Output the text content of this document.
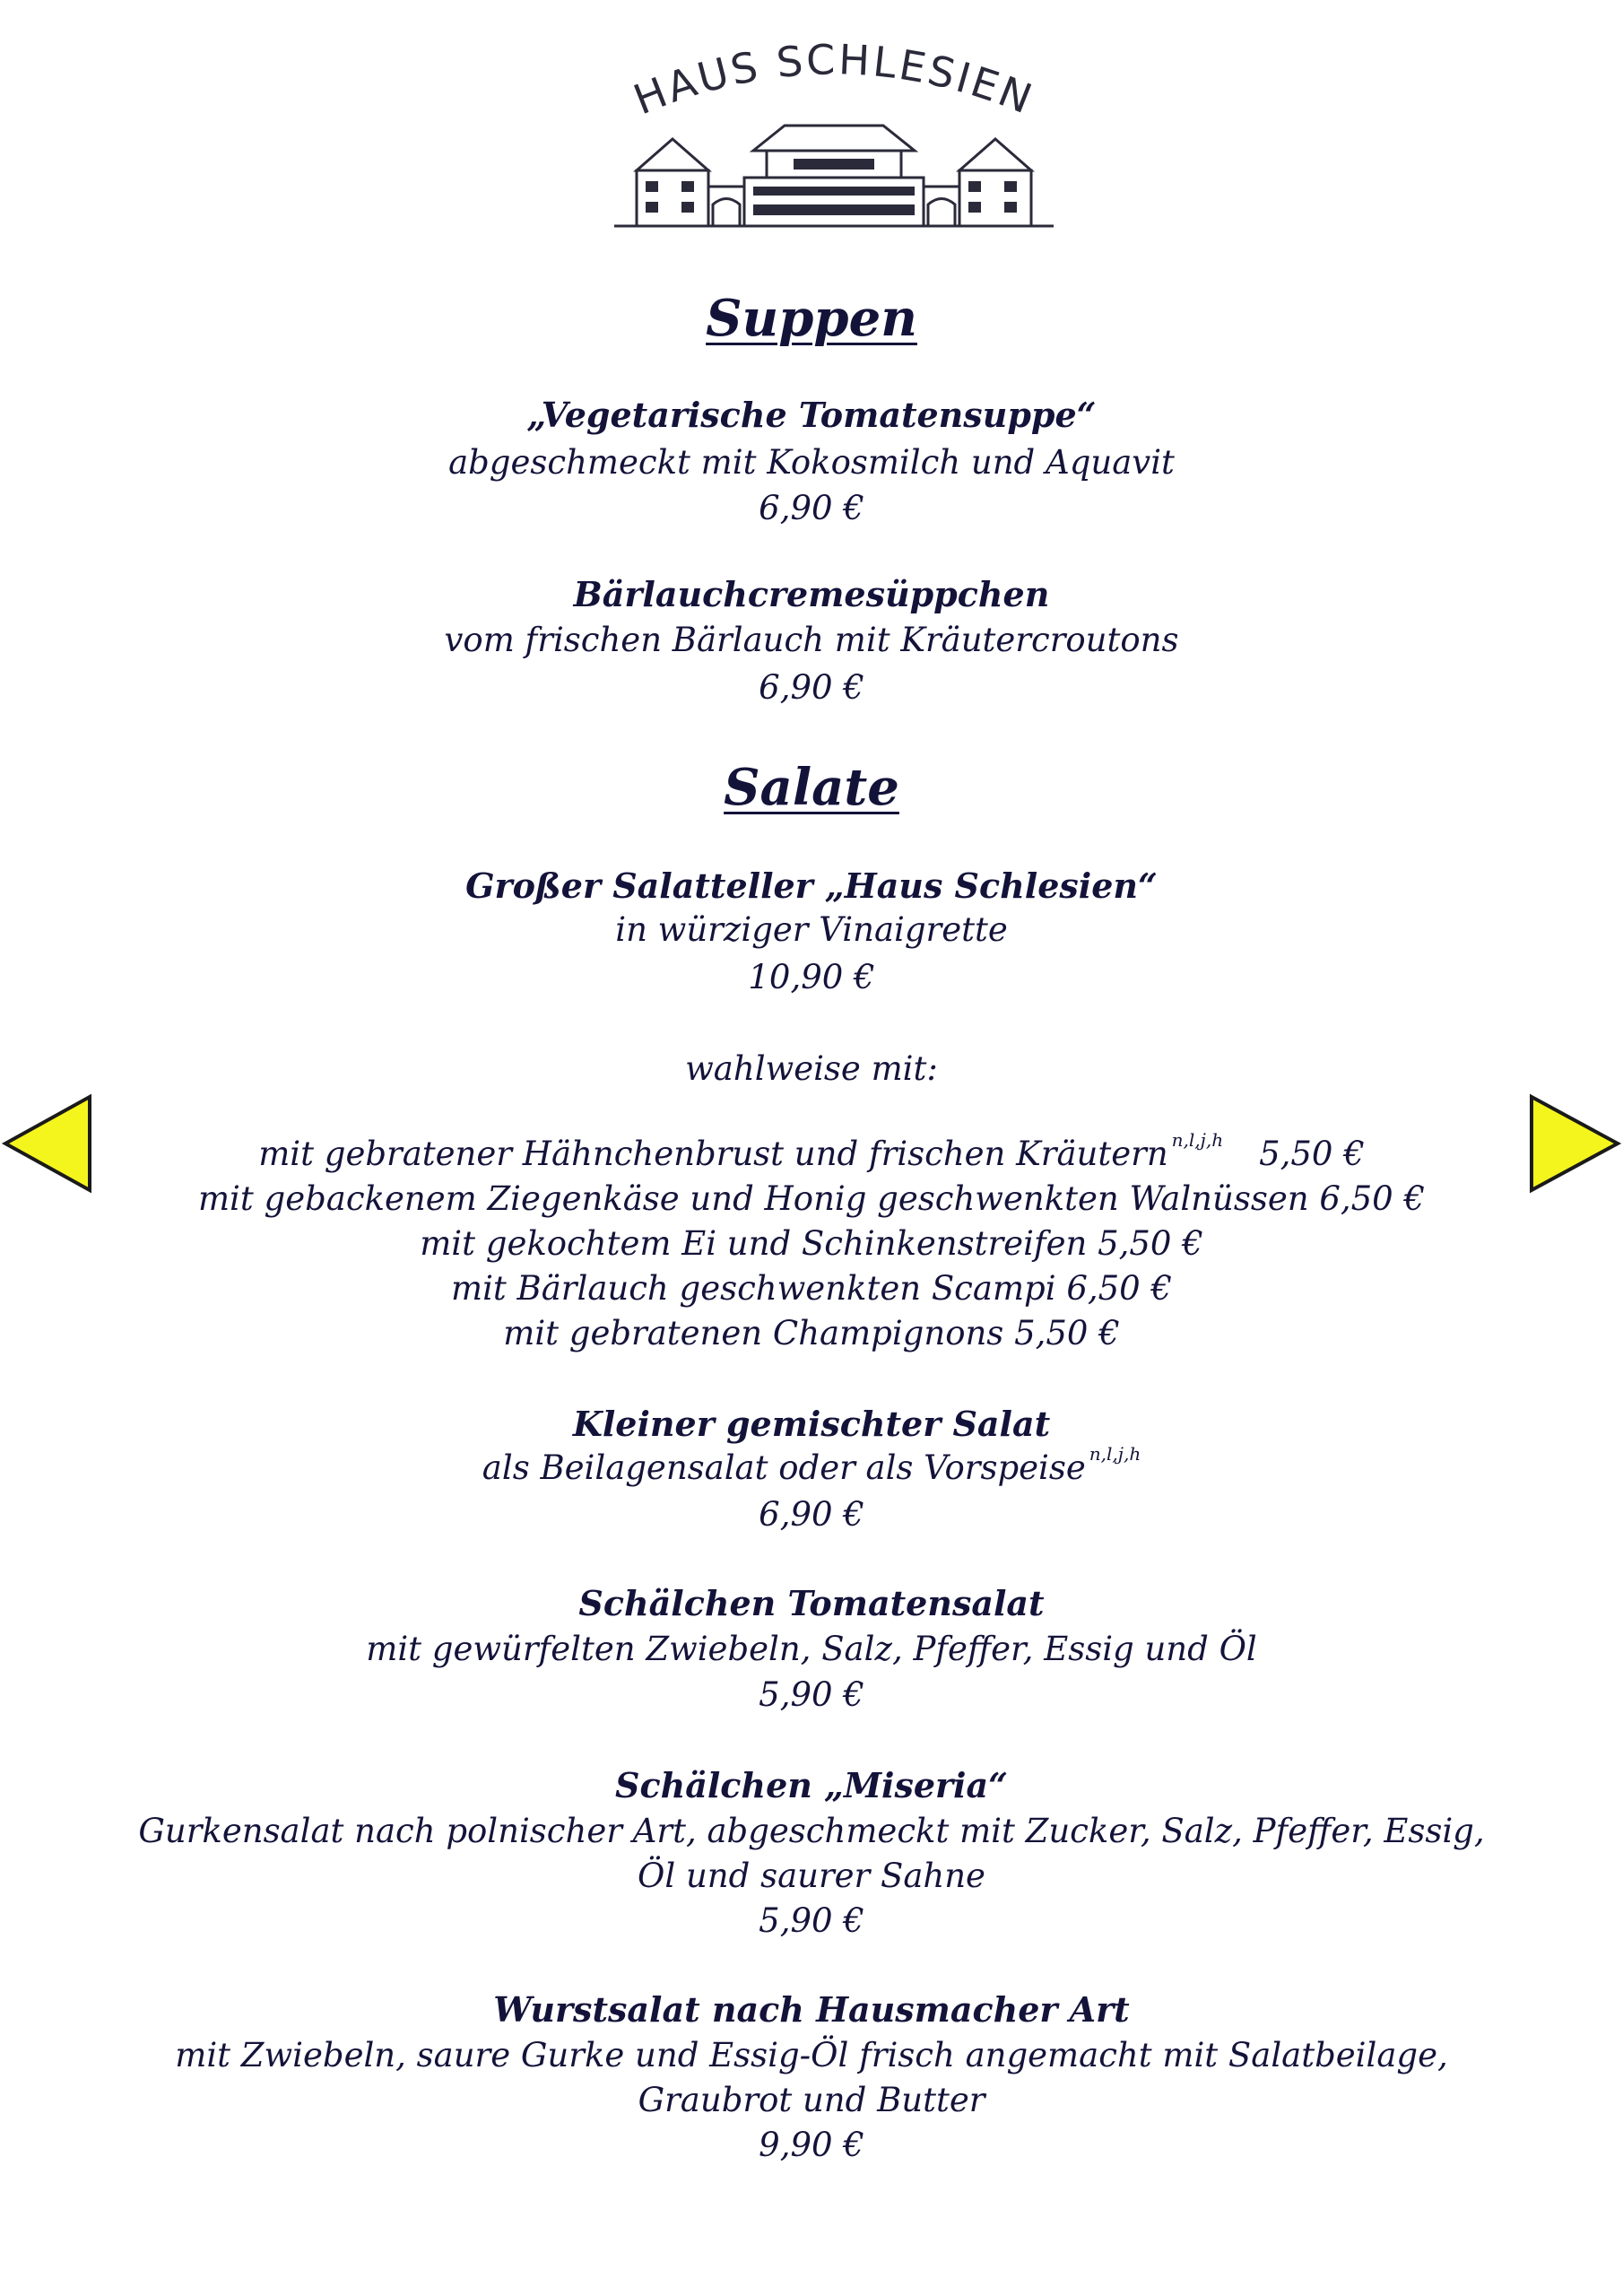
HAUS SCHLESIEN
Suppen
„Vegetarische Tomatensuppe“
abgeschmeckt mit Kokosmilch und Aquavit
6,90 €
Bärlauchcremesüppchen
vom frischen Bärlauch mit Kräutercroutons
6,90 €
Salate
Großer Salatteller „Haus Schlesien“
in würziger Vinaigrette
10,90 €
wahlweise mit:
mit gebratener Hähnchenbrust und frischen Kräutern $^{n,l,j,h}$ 5,50 €
mit gebackenem Ziegenkäse und Honig geschwenkten Walnüssen 6,50 €
mit gekochtem Ei und Schinkenstreifen 5,50 €
mit Bärlauch geschwenkten Scampi 6,50 €
mit gebratenen Champignons 5,50 €
Kleiner gemischter Salat
als Beilagensalat oder als Vorspeise $^{n,l,j,h}$
6,90 €
Schälchen Tomatensalat
mit gewürfelten Zwiebeln, Salz, Pfeffer, Essig und Öl
5,90 €
Schälchen „Miseria“
Gurkensalat nach polnischer Art, abgeschmeckt mit Zucker, Salz, Pfeffer, Essig,
Öl und saurer Sahne
5,90 €
Wurstsalat nach Hausmacher Art
mit Zwiebeln, saure Gurke und Essig-Öl frisch angemacht mit Salatbeilage,
Graubrot und Butter
9,90 €
